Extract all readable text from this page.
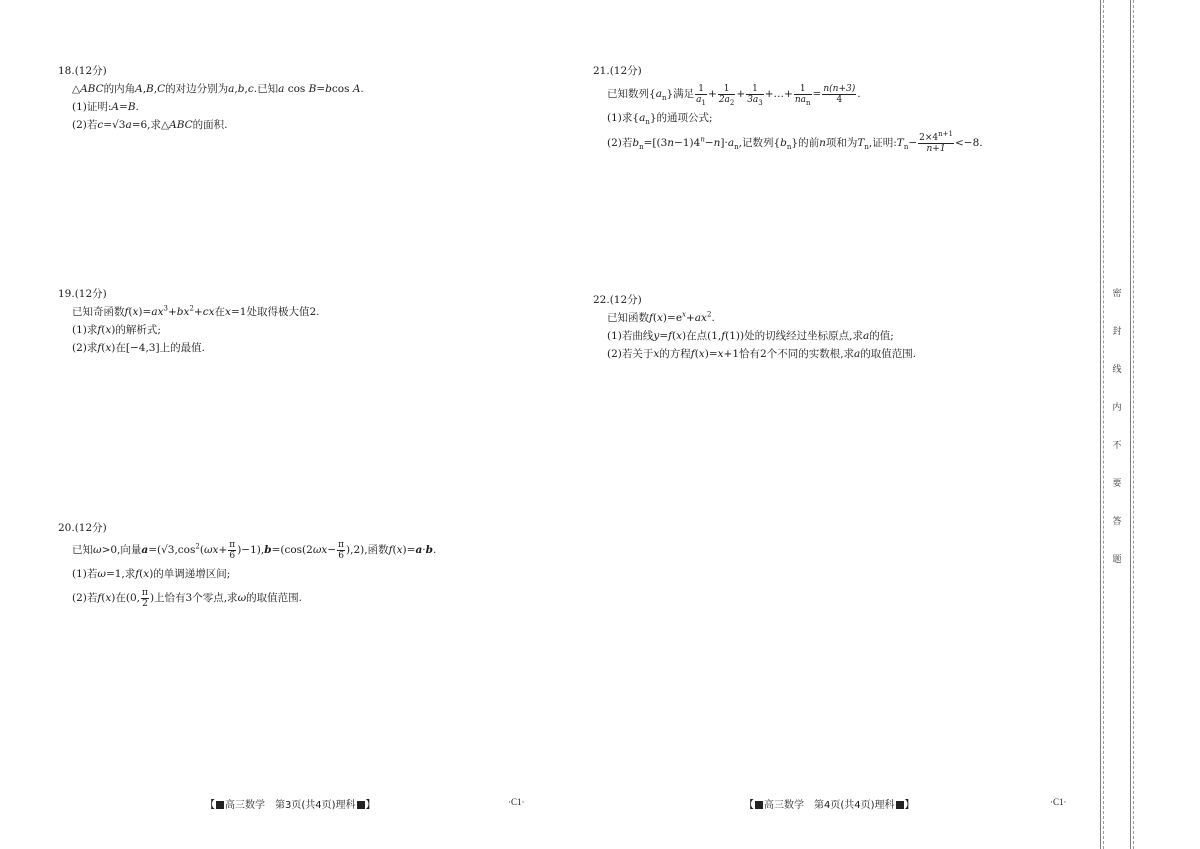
18.(12分)
△ABC的内角A,B,C的对边分别为a,b,c.已知a cos B=bcos A.
(1)证明:A=B.
(2)若c=√3a=6,求△ABC的面积.
19.(12分)
已知奇函数$f(x)=ax^3+bx^2+cx$在x=1处取得极大值2.
(1)求f(x)的解析式;
(2)求f(x)在[−4,3]上的最值.
20.(12分)
已知ω>0,向量$a=(√3,\cos^2(\omega x+ \frac{\pi}{6} )-1),b=(\cos(2\omega x- \frac{\pi}{6} ),2)$,函数f(x)=a·b.
(1)若ω=1,求f(x)的单调递增区间;
(2)若f(x)在(0, $\frac{\pi}{2}$ )上恰有3个零点,求ω的取值范围.
21.(12分)
已知数列$\{a_n\}$满足 $\frac{1}{a_1} + \frac{1}{2a_2} + \frac{1}{3a_3}$ +…+ $\frac{1}{na_n} = \frac{n(n+3)}{4}$ .
(1)求$\{a_n\}$的通项公式;
(2)若$b_n=[(3n-1)4^n-n]\cdot a_n$,记数列$\{b_n\}$的前n项和为$T_n$,证明$:T_n- \frac{2\times 4^{n+1}}{n+1} <-8$.
22.(12分)
已知函数$f(x)=e^x+ax^2$.
(1)若曲线y=f(x)在点(1,f(1))处的切线经过坐标原点,求a的值;
(2)若关于x的方程f(x)=x+1恰有2个不同的实数根,求a的取值范围.
【 高三数学　第3页(共4页)理科 】	·C1·	【 高三数学　第4页(共4页)理科 】	·C1·
密
封
线
内
不
要
答
题
